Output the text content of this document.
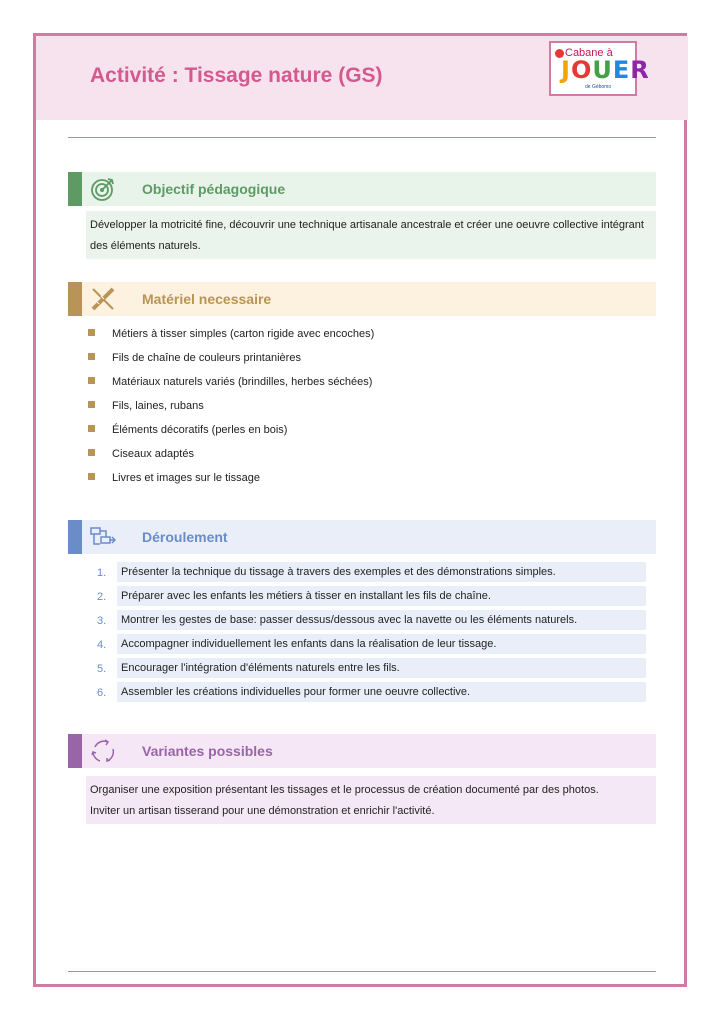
Activité : Tissage nature (GS)
Cabane à
JOUER
de Gébomo
Objectif pédagogique
Développer la motricité fine, découvrir une technique artisanale ancestrale et créer une oeuvre collective intégrant des éléments naturels.
Matériel necessaire
Métiers à tisser simples (carton rigide avec encoches)
Fils de chaîne de couleurs printanières
Matériaux naturels variés (brindilles, herbes séchées)
Fils, laines, rubans
Éléments décoratifs (perles en bois)
Ciseaux adaptés
Livres et images sur le tissage
Déroulement
1.	Présenter la technique du tissage à travers des exemples et des démonstrations simples.
2.	Préparer avec les enfants les métiers à tisser en installant les fils de chaîne.
3.	Montrer les gestes de base: passer dessus/dessous avec la navette ou les éléments naturels.
4.	Accompagner individuellement les enfants dans la réalisation de leur tissage.
5.	Encourager l'intégration d'éléments naturels entre les fils.
6.	Assembler les créations individuelles pour former une oeuvre collective.
Variantes possibles
Organiser une exposition présentant les tissages et le processus de création documenté par des photos.
Inviter un artisan tisserand pour une démonstration et enrichir l'activité.
